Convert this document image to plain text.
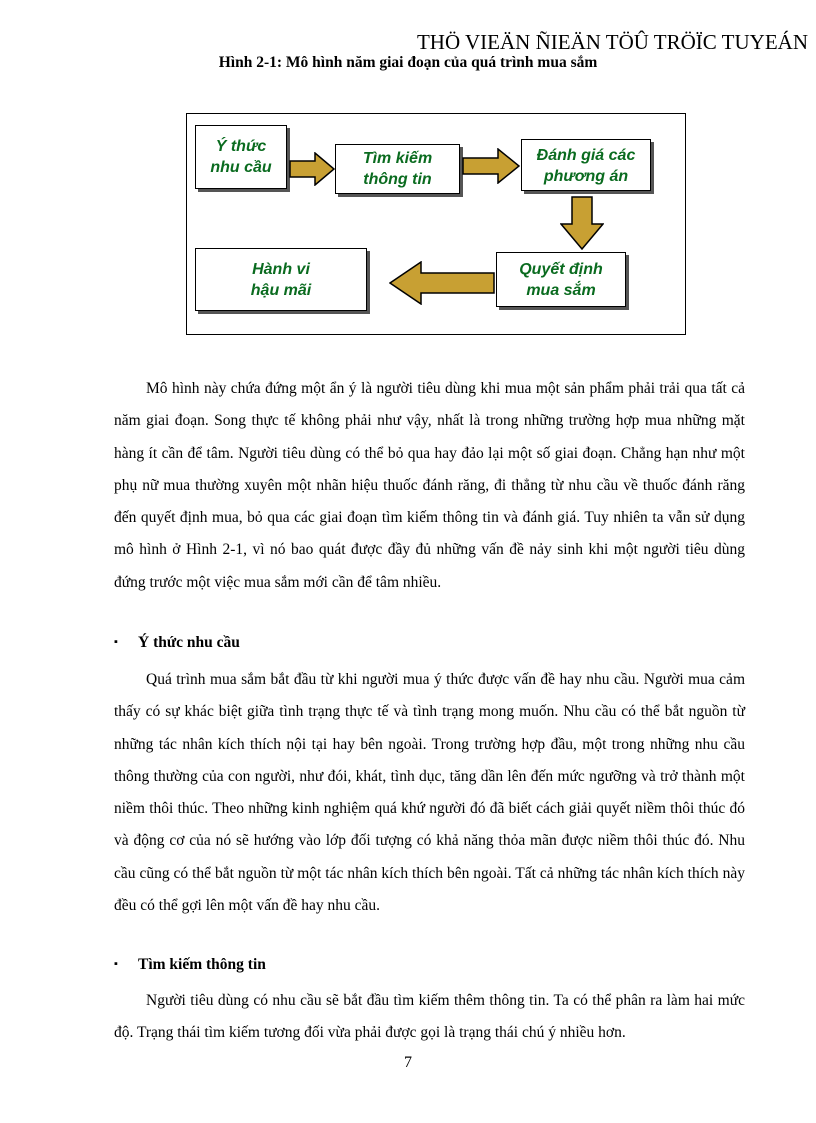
THÖ VIEÄN ÑIEÄN TÖÛ TRÖÏC TUYEÁN
Hình 2-1: Mô hình năm giai đoạn của quá trình mua sắm
Ý thức
nhu cầu
Tìm kiếm
thông tin
Đánh giá các
phương án
Quyết định
mua sắm
Hành vi
hậu mãi
Mô hình này chứa đứng một ẩn ý là người tiêu dùng khi mua một sản phẩm phải trải qua tất cả năm giai đoạn. Song thực tế không phải như vậy, nhất là trong những trường hợp mua những mặt hàng ít cần để tâm. Người tiêu dùng có thể bỏ qua hay đảo lại một số giai đoạn. Chẳng hạn như một phụ nữ mua thường xuyên một nhãn hiệu thuốc đánh răng, đi thẳng từ nhu cầu về thuốc đánh răng đến quyết định mua, bỏ qua các giai đoạn tìm kiếm thông tin và đánh giá. Tuy nhiên ta vẫn sử dụng mô hình ở Hình 2-1, vì nó bao quát được đầy đủ những vấn đề nảy sinh khi một người tiêu dùng đứng trước một việc mua sắm mới cần để tâm nhiều.
▪ Ý thức nhu cầu
Quá trình mua sắm bắt đầu từ khi người mua ý thức được vấn đề hay nhu cầu. Người mua cảm thấy có sự khác biệt giữa tình trạng thực tế và tình trạng mong muốn. Nhu cầu có thể bắt nguồn từ những tác nhân kích thích nội tại hay bên ngoài. Trong trường hợp đầu, một trong những nhu cầu thông thường của con người, như đói, khát, tình dục, tăng dần lên đến mức ngưỡng và trở thành một niềm thôi thúc. Theo những kinh nghiệm quá khứ người đó đã biết cách giải quyết niềm thôi thúc đó và động cơ của nó sẽ hướng vào lớp đối tượng có khả năng thỏa mãn được niềm thôi thúc đó. Nhu cầu cũng có thể bắt nguồn từ một tác nhân kích thích bên ngoài. Tất cả những tác nhân kích thích này đều có thể gợi lên một vấn đề hay nhu cầu.
▪ Tìm kiếm thông tin
Người tiêu dùng có nhu cầu sẽ bắt đầu tìm kiếm thêm thông tin. Ta có thể phân ra làm hai mức độ. Trạng thái tìm kiếm tương đối vừa phải được gọi là trạng thái chú ý nhiều hơn.
7
